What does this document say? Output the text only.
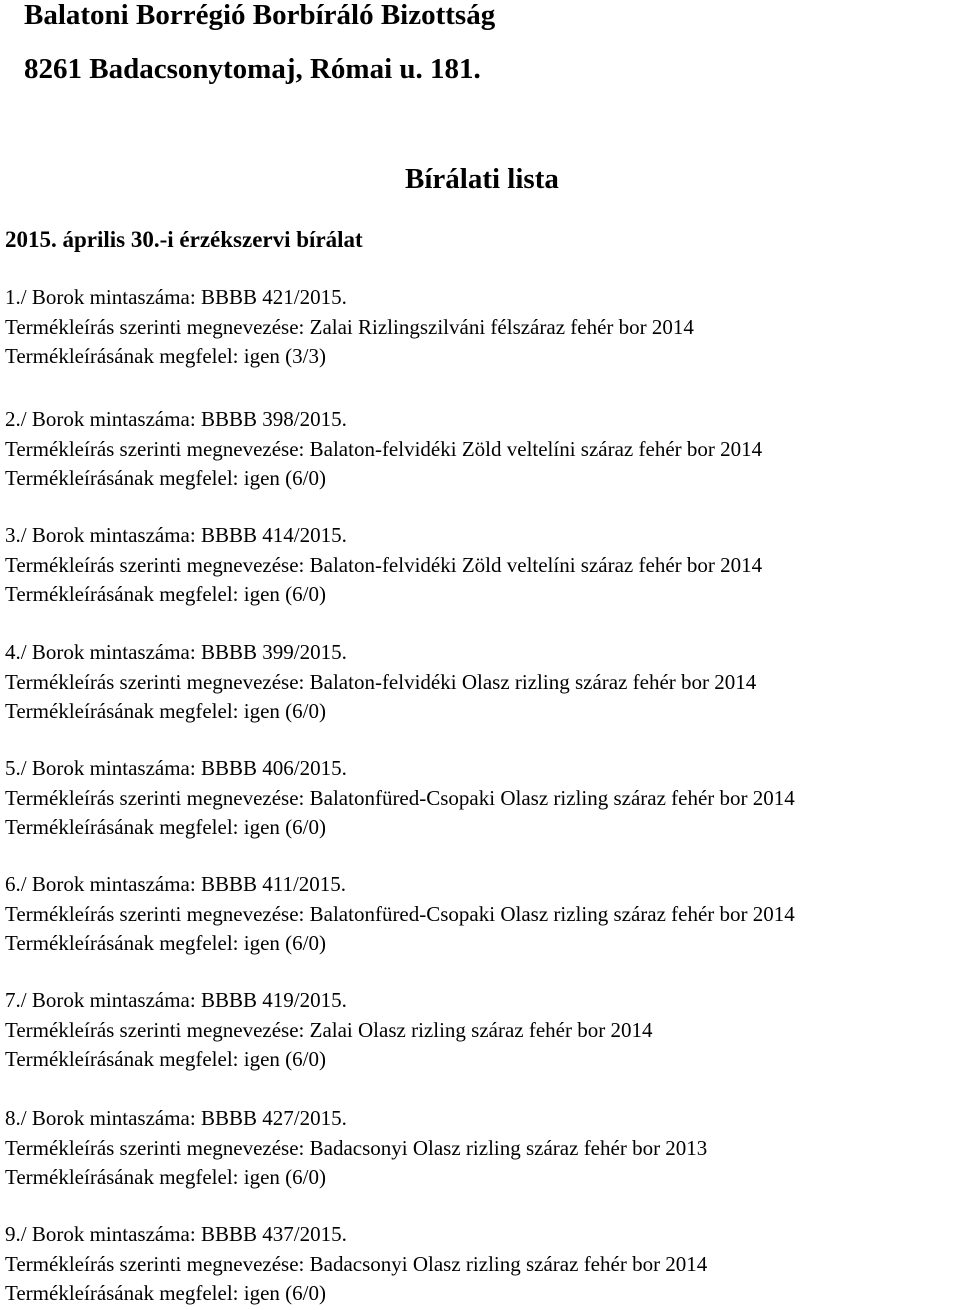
Balatoni Borrégió Borbíráló Bizottság
8261 Badacsonytomaj, Római u. 181.
Bírálati lista
2015. április 30.-i érzékszervi bírálat
1./ Borok mintaszáma: BBBB 421/2015.
Termékleírás szerinti megnevezése: Zalai Rizlingszilváni félszáraz fehér bor 2014
Termékleírásának megfelel: igen (3/3)
2./ Borok mintaszáma: BBBB 398/2015.
Termékleírás szerinti megnevezése: Balaton-felvidéki Zöld veltelíni száraz fehér bor 2014
Termékleírásának megfelel: igen (6/0)
3./ Borok mintaszáma: BBBB 414/2015.
Termékleírás szerinti megnevezése: Balaton-felvidéki Zöld veltelíni száraz fehér bor 2014
Termékleírásának megfelel: igen (6/0)
4./ Borok mintaszáma: BBBB 399/2015.
Termékleírás szerinti megnevezése: Balaton-felvidéki Olasz rizling száraz fehér bor 2014
Termékleírásának megfelel: igen (6/0)
5./ Borok mintaszáma: BBBB 406/2015.
Termékleírás szerinti megnevezése: Balatonfüred-Csopaki Olasz rizling száraz fehér bor 2014
Termékleírásának megfelel: igen (6/0)
6./ Borok mintaszáma: BBBB 411/2015.
Termékleírás szerinti megnevezése: Balatonfüred-Csopaki Olasz rizling száraz fehér bor 2014
Termékleírásának megfelel: igen (6/0)
7./ Borok mintaszáma: BBBB 419/2015.
Termékleírás szerinti megnevezése: Zalai Olasz rizling száraz fehér bor 2014
Termékleírásának megfelel: igen (6/0)
8./ Borok mintaszáma: BBBB 427/2015.
Termékleírás szerinti megnevezése: Badacsonyi Olasz rizling száraz fehér bor 2013
Termékleírásának megfelel: igen (6/0)
9./ Borok mintaszáma: BBBB 437/2015.
Termékleírás szerinti megnevezése: Badacsonyi Olasz rizling száraz fehér bor 2014
Termékleírásának megfelel: igen (6/0)
